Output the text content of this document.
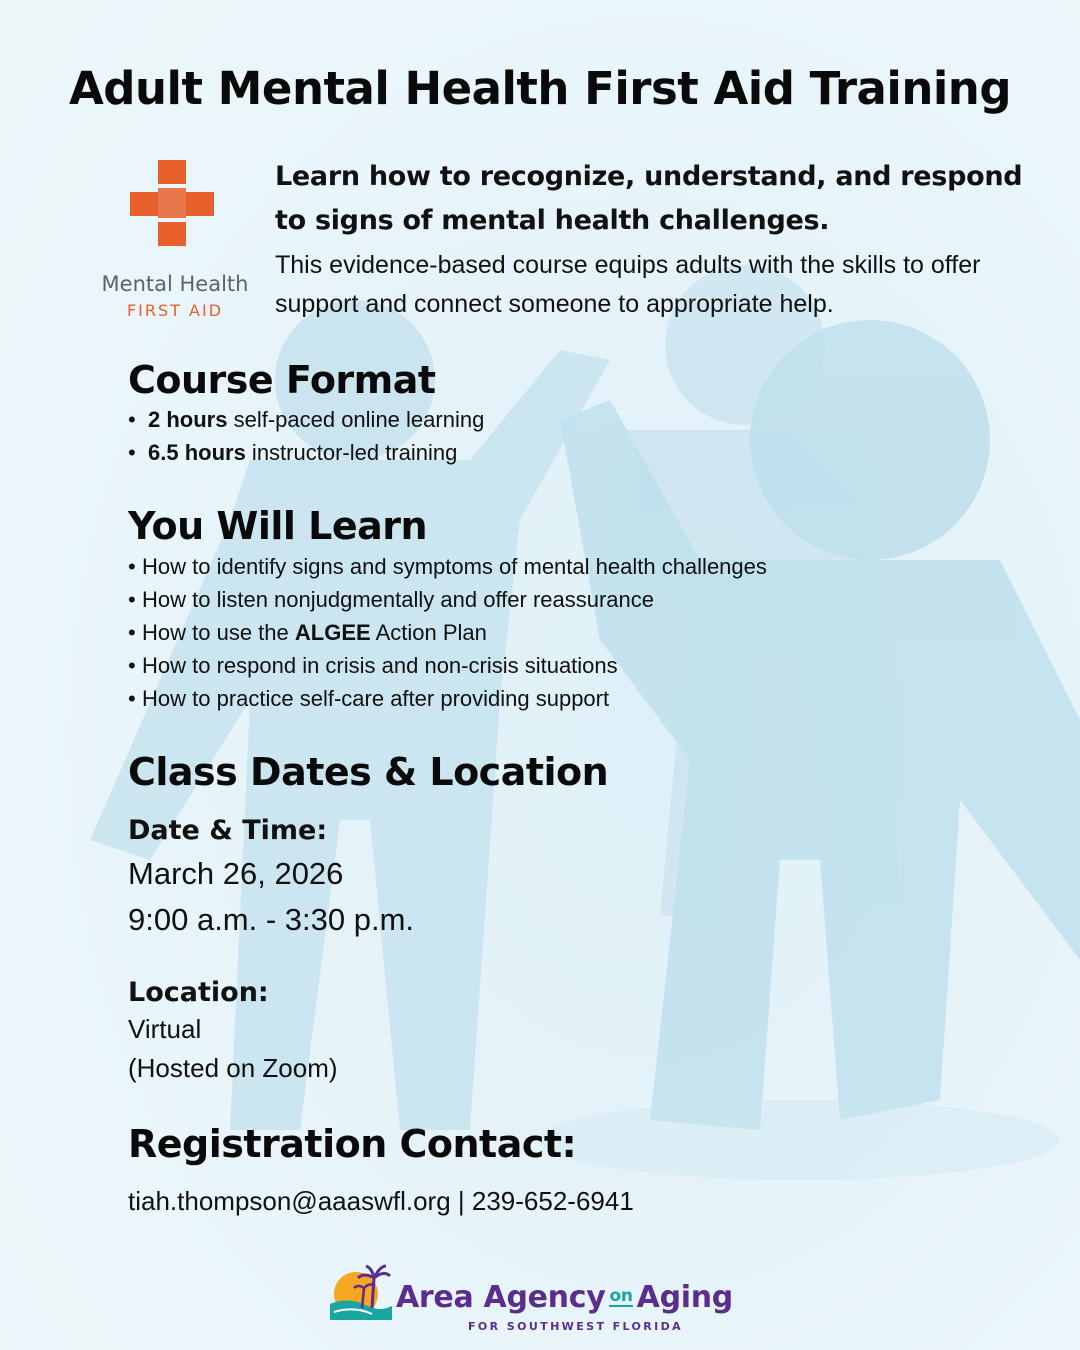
Adult Mental Health First Aid Training
Mental Health
FIRST AID
Learn how to recognize, understand, and respond to signs of mental health challenges.
This evidence-based course equips adults with the skills to offer support and connect someone to appropriate help.
Course Format
• 2 hours self-paced online learning
• 6.5 hours instructor-led training
You Will Learn
• How to identify signs and symptoms of mental health challenges
• How to listen nonjudgmentally and offer reassurance
• How to use the ALGEE Action Plan
• How to respond in crisis and non-crisis situations
• How to practice self-care after providing support
Class Dates & Location
Date & Time:
March 26, 2026
9:00 a.m. - 3:30 p.m.
Location:
Virtual
(Hosted on Zoom)
Registration Contact:
tiah.thompson@aaaswfl.org | 239-652-6941
Area Agency on Aging
FOR SOUTHWEST FLORIDA
